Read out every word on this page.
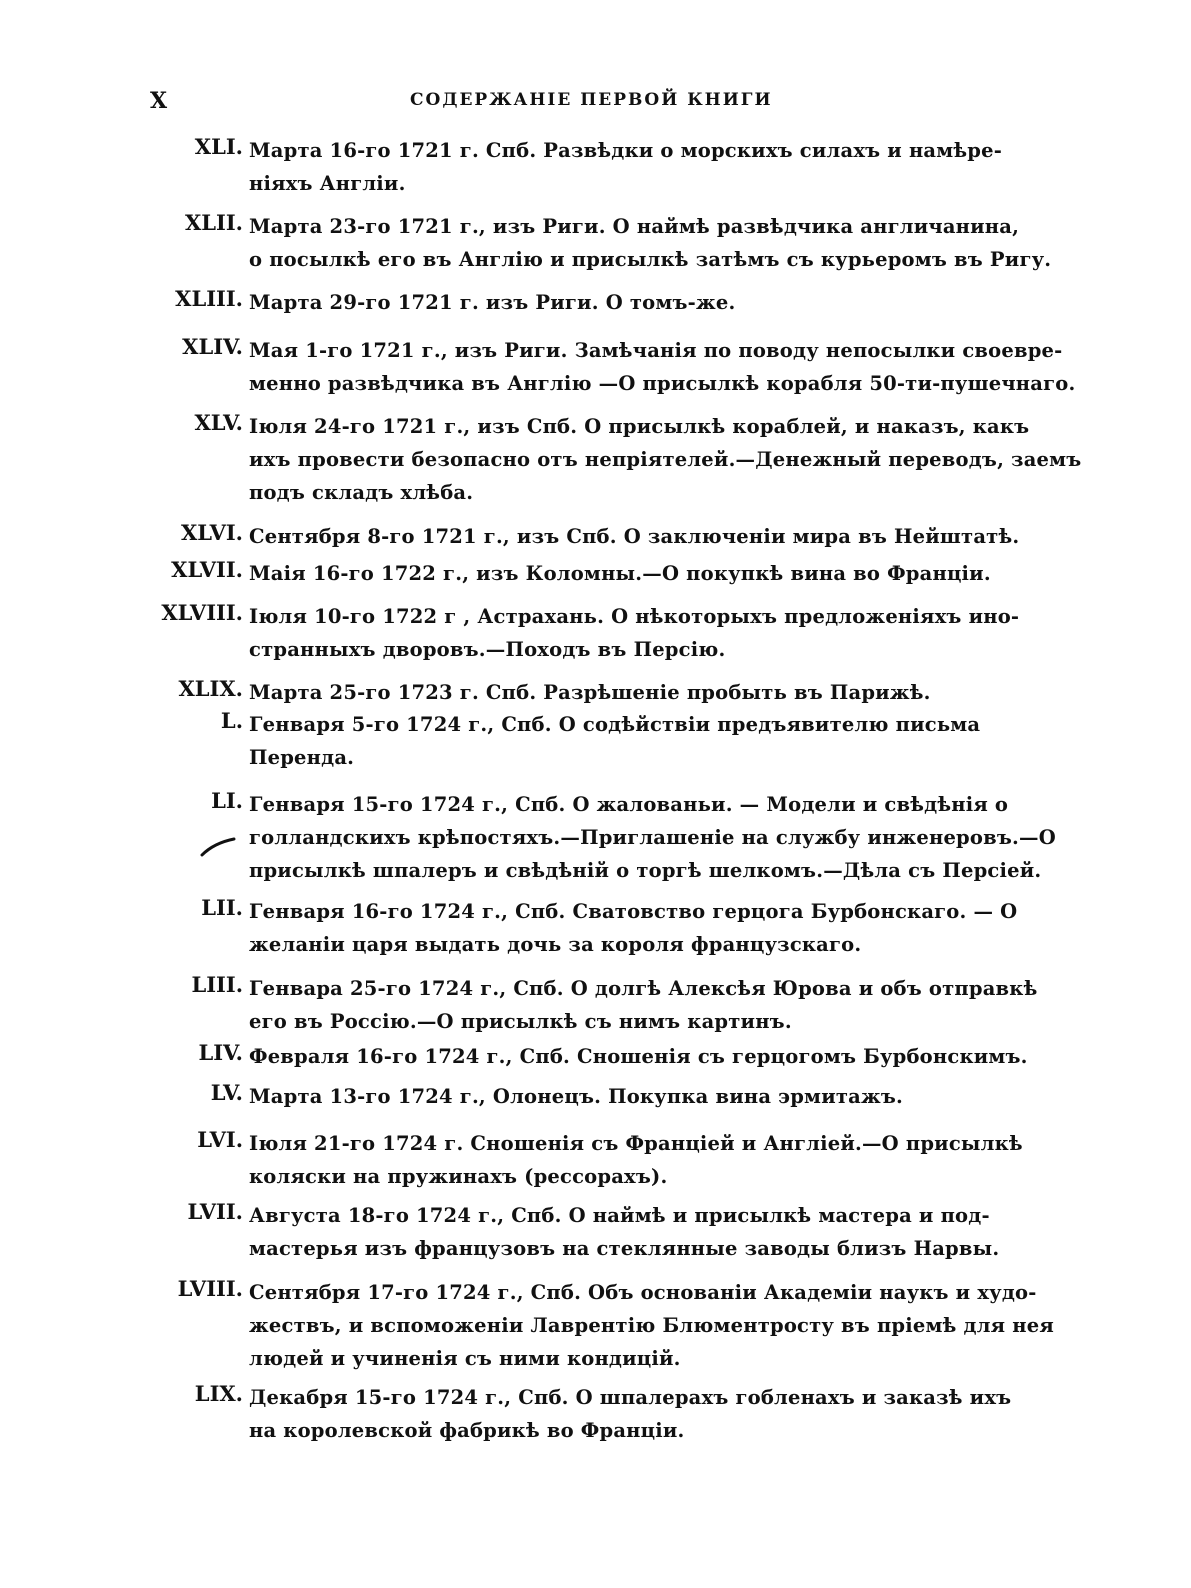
X	СОДЕРЖАНІЕ ПЕРВОЙ КНИГИ
XLI. Марта 16-го 1721 г. Спб. Развѣдки о морскихъ силахъ и намѣре-
ніяхъ Англіи.
XLII. Марта 23-го 1721 г., изъ Риги. О наймѣ развѣдчика англичанина,
о посылкѣ его въ Англію и присылкѣ затѣмъ съ курьеромъ въ Ригу.
XLIII. Марта 29-го 1721 г. изъ Риги. О томъ-же.
XLIV. Мая 1-го 1721 г., изъ Риги. Замѣчанія по поводу непосылки своевре-
менно развѣдчика въ Англію —О присылкѣ корабля 50-ти-пушечнаго.
XLV. Іюля 24-го 1721 г., изъ Спб. О присылкѣ кораблей, и наказъ, какъ
ихъ провести безопасно отъ непріятелей.—Денежный переводъ, заемъ
подъ складъ хлѣба.
XLVI. Сентября 8-го 1721 г., изъ Спб. О заключеніи мира въ Нейштатѣ.
XLVII. Маія 16-го 1722 г., изъ Коломны.—О покупкѣ вина во Франціи.
XLVIII. Іюля 10-го 1722 г , Астрахань. О нѣкоторыхъ предложеніяхъ ино-
странныхъ дворовъ.—Походъ въ Персію.
XLIX. Марта 25-го 1723 г. Спб. Разрѣшеніе пробыть въ Парижѣ.
L. Генваря 5-го 1724 г., Спб. О содѣйствіи предъявителю письма
Перенда.
LI. Генваря 15-го 1724 г., Спб. О жалованьи. — Модели и свѣдѣнія о
голландскихъ крѣпостяхъ.—Приглашеніе на службу инженеровъ.—О
присылкѣ шпалеръ и свѣдѣній о торгѣ шелкомъ.—Дѣла съ Персіей.
LII. Генваря 16-го 1724 г., Спб. Сватовство герцога Бурбонскаго. — О
желаніи царя выдать дочь за короля французскаго.
LIII. Генвара 25-го 1724 г., Спб. О долгѣ Алексѣя Юрова и объ отправкѣ
его въ Россію.—О присылкѣ съ нимъ картинъ.
LIV. Февраля 16-го 1724 г., Спб. Сношенія съ герцогомъ Бурбонскимъ.
LV. Марта 13-го 1724 г., Олонецъ. Покупка вина эрмитажъ.
LVI. Іюля 21-го 1724 г. Сношенія съ Франціей и Англіей.—О присылкѣ
коляски на пружинахъ (рессорахъ).
LVII. Августа 18-го 1724 г., Спб. О наймѣ и присылкѣ мастера и под-
мастерья изъ французовъ на стеклянные заводы близъ Нарвы.
LVIII. Сентября 17-го 1724 г., Спб. Объ основаніи Академіи наукъ и худо-
жествъ, и вспоможеніи Лаврентію Блюментросту въ пріемѣ для нея
людей и учиненія съ ними кондицій.
LIX. Декабря 15-го 1724 г., Спб. О шпалерахъ гобленахъ и заказѣ ихъ
на королевской фабрикѣ во Франціи.
